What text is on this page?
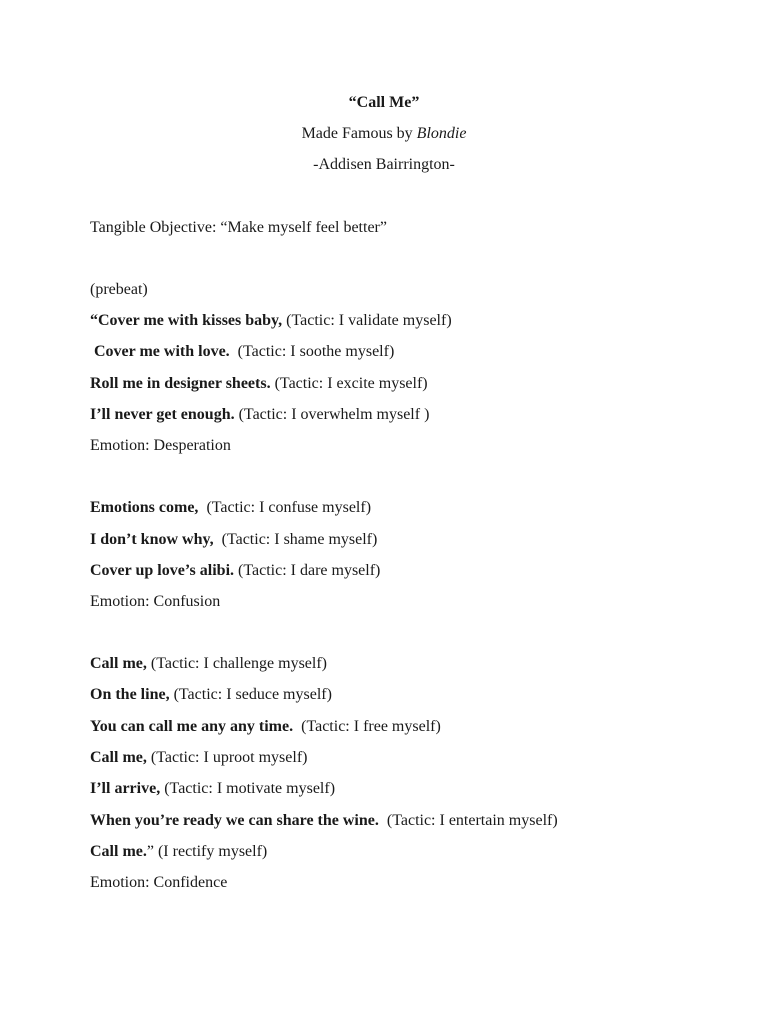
“Call Me”
Made Famous by Blondie
-Addisen Bairrington-
Tangible Objective: “Make myself feel better”
(prebeat)
“Cover me with kisses baby, (Tactic: I validate myself)
Cover me with love.  (Tactic: I soothe myself)
Roll me in designer sheets. (Tactic: I excite myself)
I’ll never get enough. (Tactic: I overwhelm myself )
Emotion: Desperation
Emotions come,  (Tactic: I confuse myself)
I don’t know why,  (Tactic: I shame myself)
Cover up love’s alibi. (Tactic: I dare myself)
Emotion: Confusion
Call me, (Tactic: I challenge myself)
On the line, (Tactic: I seduce myself)
You can call me any any time.  (Tactic: I free myself)
Call me, (Tactic: I uproot myself)
I’ll arrive, (Tactic: I motivate myself)
When you’re ready we can share the wine.  (Tactic: I entertain myself)
Call me.” (I rectify myself)
Emotion: Confidence
